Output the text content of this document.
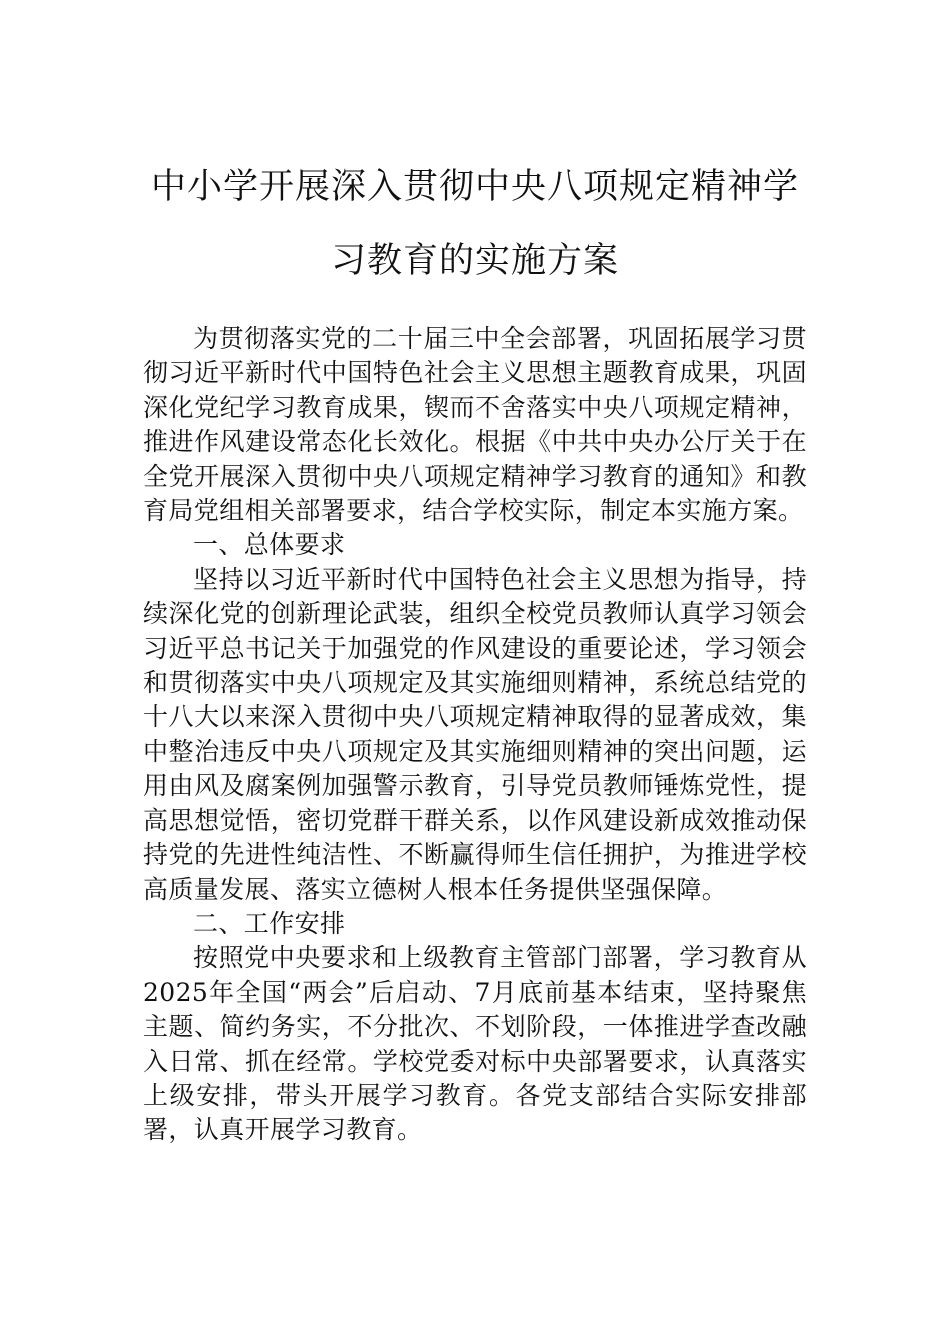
中小学开展深入贯彻中央八项规定精神学习教育的实施方案

为贯彻落实党的二十届三中全会部署，巩固拓展学习贯彻习近平新时代中国特色社会主义思想主题教育成果，巩固深化党纪学习教育成果，锲而不舍落实中央八项规定精神，推进作风建设常态化长效化。根据《中共中央办公厅关于在全党开展深入贯彻中央八项规定精神学习教育的通知》和教育局党组相关部署要求，结合学校实际，制定本实施方案。

一、总体要求

坚持以习近平新时代中国特色社会主义思想为指导，持续深化党的创新理论武装，组织全校党员教师认真学习领会习近平总书记关于加强党的作风建设的重要论述，学习领会和贯彻落实中央八项规定及其实施细则精神，系统总结党的十八大以来深入贯彻中央八项规定精神取得的显著成效，集中整治违反中央八项规定及其实施细则精神的突出问题，运用由风及腐案例加强警示教育，引导党员教师锤炼党性，提高思想觉悟，密切党群干群关系，以作风建设新成效推动保持党的先进性纯洁性、不断赢得师生信任拥护，为推进学校高质量发展、落实立德树人根本任务提供坚强保障。

二、工作安排

按照党中央要求和上级教育主管部门部署，学习教育从2025年全国“两会”后启动、7月底前基本结束，坚持聚焦主题、简约务实，不分批次、不划阶段，一体推进学查改融入日常、抓在经常。学校党委对标中央部署要求，认真落实上级安排，带头开展学习教育。各党支部结合实际安排部署，认真开展学习教育。
